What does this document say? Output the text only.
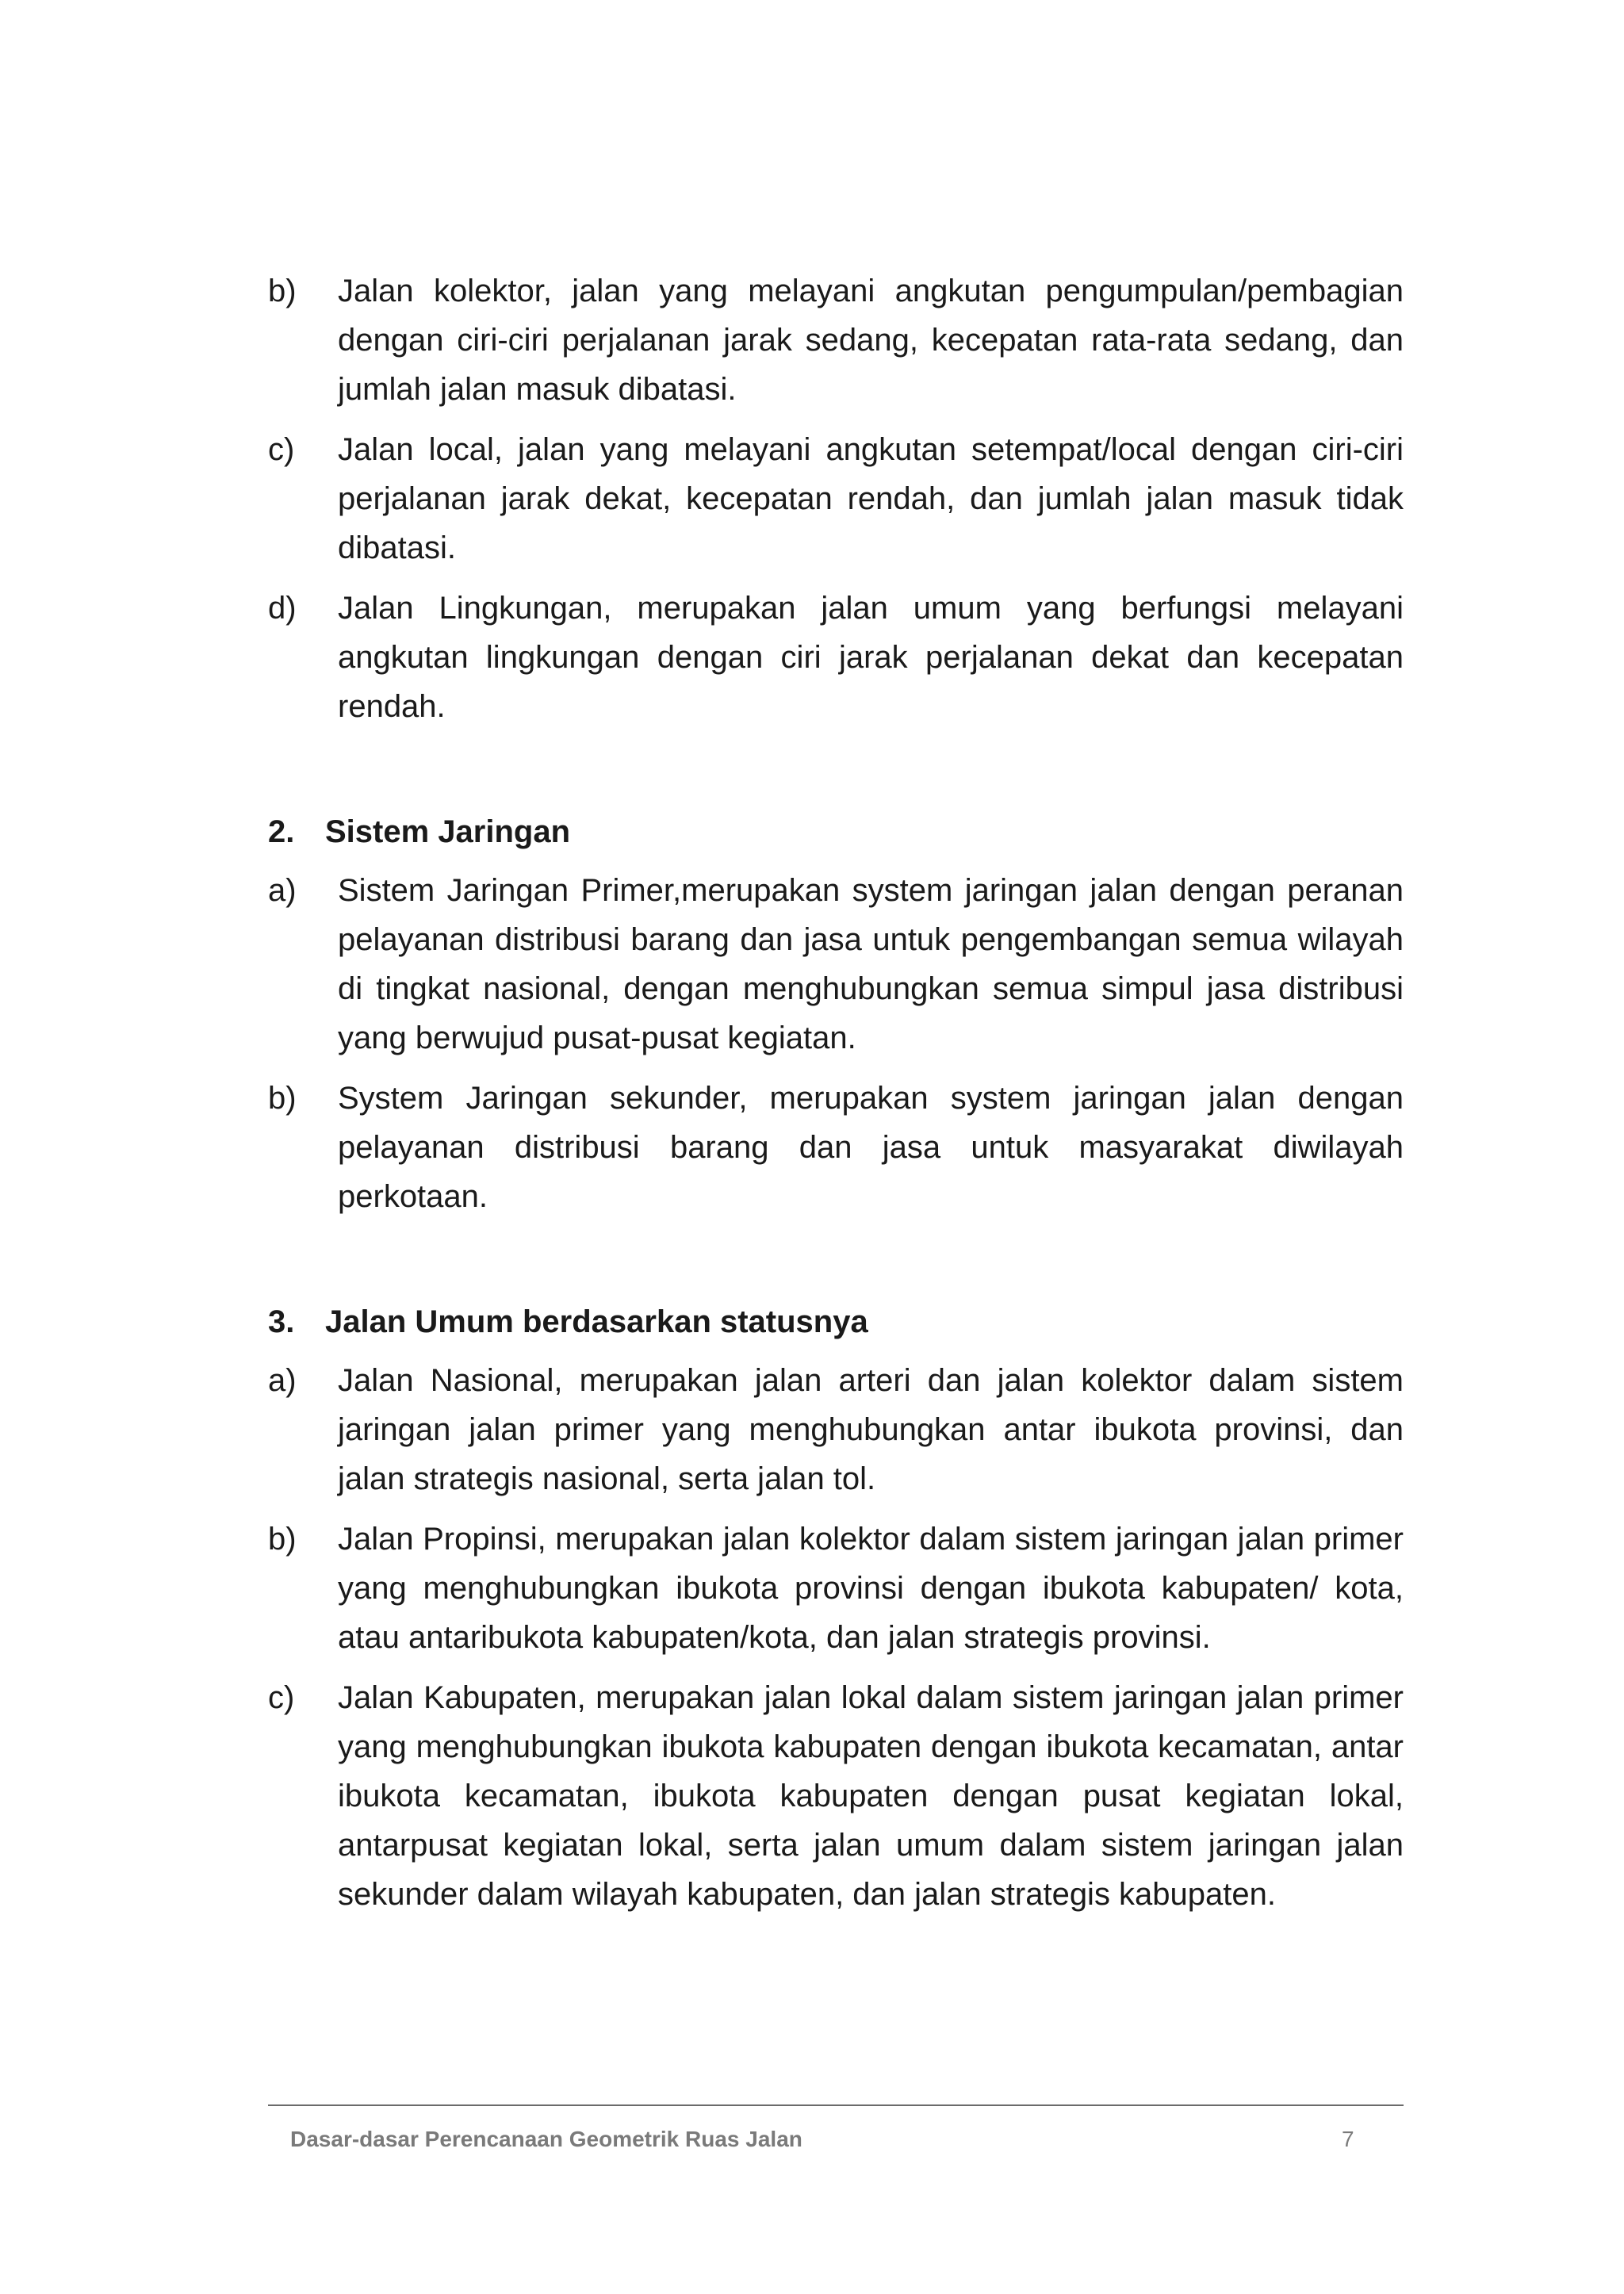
b) Jalan kolektor, jalan yang melayani angkutan pengumpulan/pembagian dengan ciri-ciri perjalanan jarak sedang, kecepatan rata-rata sedang, dan jumlah jalan masuk dibatasi.
c) Jalan local, jalan yang melayani angkutan setempat/local dengan ciri-ciri perjalanan jarak dekat, kecepatan rendah, dan jumlah jalan masuk tidak dibatasi.
d) Jalan Lingkungan, merupakan jalan umum yang berfungsi melayani angkutan lingkungan dengan ciri jarak perjalanan dekat dan kecepatan rendah.
2. Sistem Jaringan
a) Sistem Jaringan Primer,merupakan system jaringan jalan dengan peranan pelayanan distribusi barang dan jasa untuk pengembangan semua wilayah di tingkat nasional, dengan menghubungkan semua simpul jasa distribusi yang berwujud pusat-pusat kegiatan.
b) System Jaringan sekunder, merupakan system jaringan jalan dengan pelayanan distribusi barang dan jasa untuk masyarakat diwilayah perkotaan.
3. Jalan Umum berdasarkan statusnya
a) Jalan Nasional, merupakan jalan arteri dan jalan kolektor dalam sistem jaringan jalan primer yang menghubungkan antar ibukota provinsi, dan jalan strategis nasional, serta jalan tol.
b) Jalan Propinsi, merupakan jalan kolektor dalam sistem jaringan jalan primer yang menghubungkan ibukota provinsi dengan ibukota kabupaten/ kota, atau antaribukota kabupaten/kota, dan jalan strategis provinsi.
c) Jalan Kabupaten, merupakan jalan lokal dalam sistem jaringan jalan primer yang menghubungkan ibukota kabupaten dengan ibukota kecamatan, antar ibukota kecamatan, ibukota kabupaten dengan pusat kegiatan lokal, antarpusat kegiatan lokal, serta jalan umum dalam sistem jaringan jalan sekunder dalam wilayah kabupaten, dan jalan strategis kabupaten.
Dasar-dasar Perencanaan Geometrik Ruas Jalan	7
